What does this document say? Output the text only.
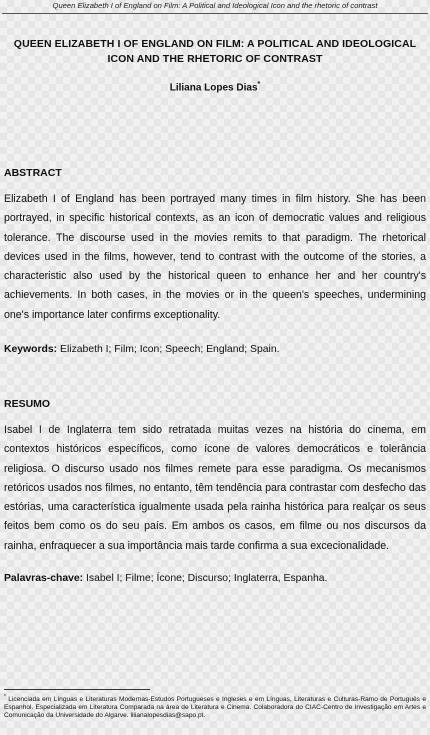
Queen Elizabeth I of England on Film: A Political and Ideological Icon and the rhetoric of contrast
QUEEN ELIZABETH I OF ENGLAND ON FILM: A POLITICAL AND IDEOLOGICAL ICON AND THE RHETORIC OF CONTRAST
Liliana Lopes Dias*
ABSTRACT

Elizabeth I of England has been portrayed many times in film history. She has been portrayed, in specific historical contexts, as an icon of democratic values and religious tolerance. The discourse used in the movies remits to that paradigm. The rhetorical devices used in the films, however, tend to contrast with the outcome of the stories, a characteristic also used by the historical queen to enhance her and her country's achievements. In both cases, in the movies or in the queen's speeches, undermining one's importance later confirms exceptionality.

Keywords: Elizabeth I; Film; Icon; Speech; England; Spain.
RESUMO

Isabel I de Inglaterra tem sido retratada muitas vezes na história do cinema, em contextos históricos específicos, como ícone de valores democráticos e tolerância religiosa. O discurso usado nos filmes remete para esse paradigma. Os mecanismos retóricos usados nos filmes, no entanto, têm tendência para contrastar com desfecho das estórias, uma característica igualmente usada pela rainha histórica para realçar os seus feitos bem como os do seu país. Em ambos os casos, em filme ou nos discursos da rainha, enfraquecer a sua importância mais tarde confirma a sua excecionalidade.

Palavras-chave: Isabel I; Filme; Ícone; Discurso; Inglaterra, Espanha.

* Licenciada em Línguas e Literaturas Modernas-Estudos Portugueses e Ingleses e em Línguas, Literaturas e Culturas-Ramo de Português e Espanhol. Especializada em Literatura Comparada na área de Literatura e Cinema. Colaboradora do CIAC-Centro de Investigação em Artes e Comunicação da Universidade do Algarve. lilianalopesdias@sapo.pt.
